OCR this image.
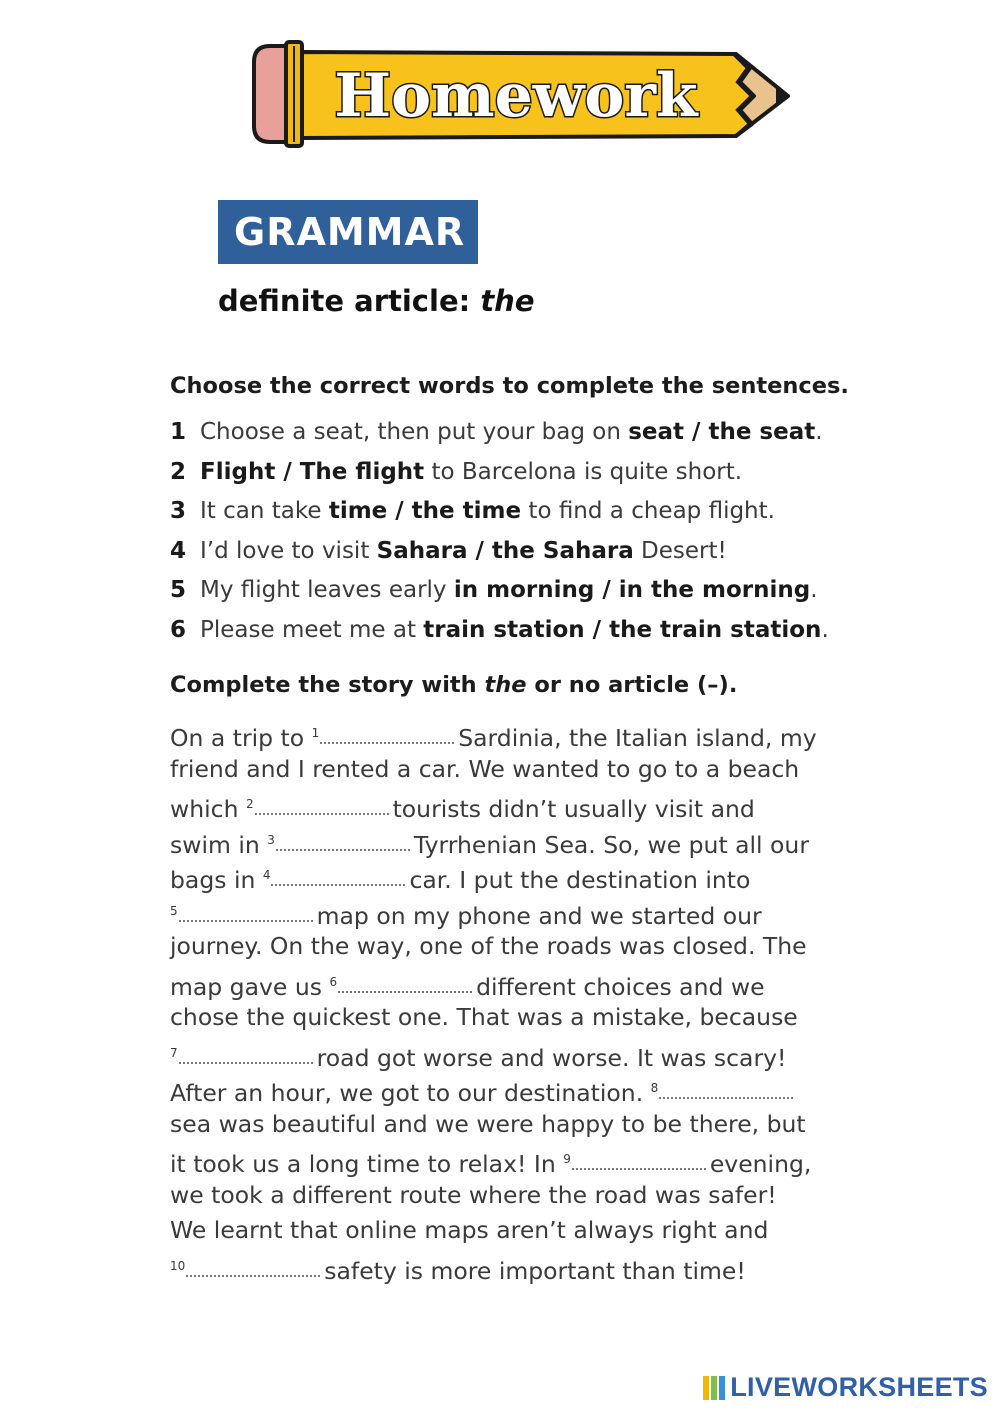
Homework
GRAMMAR
definite article: the
Choose the correct words to complete the sentences.
1 Choose a seat, then put your bag on seat / the seat.
2 Flight / The flight to Barcelona is quite short.
3 It can take time / the time to find a cheap flight.
4 I’d love to visit Sahara / the Sahara Desert!
5 My flight leaves early in morning / in the morning.
6 Please meet me at train station / the train station.
Complete the story with the or no article (–).
On a trip to $^1$	Sardinia, the Italian island, my
friend and I rented a car. We wanted to go to a beach
which $^2$	tourists didn’t usually visit and
swim in $^3$	Tyrrhenian Sea. So, we put all our
bags in $^4$	car. I put the destination into
$^5$	map on my phone and we started our
journey. On the way, one of the roads was closed. The
map gave us $^6$	different choices and we
chose the quickest one. That was a mistake, because
$^7$	road got worse and worse. It was scary!
After an hour, we got to our destination. $^8$
sea was beautiful and we were happy to be there, but
it took us a long time to relax! In $^9$	evening,
we took a different route where the road was safer!
We learnt that online maps aren’t always right and
$^{10}$	safety is more important than time!
LIVEWORKSHEETS
